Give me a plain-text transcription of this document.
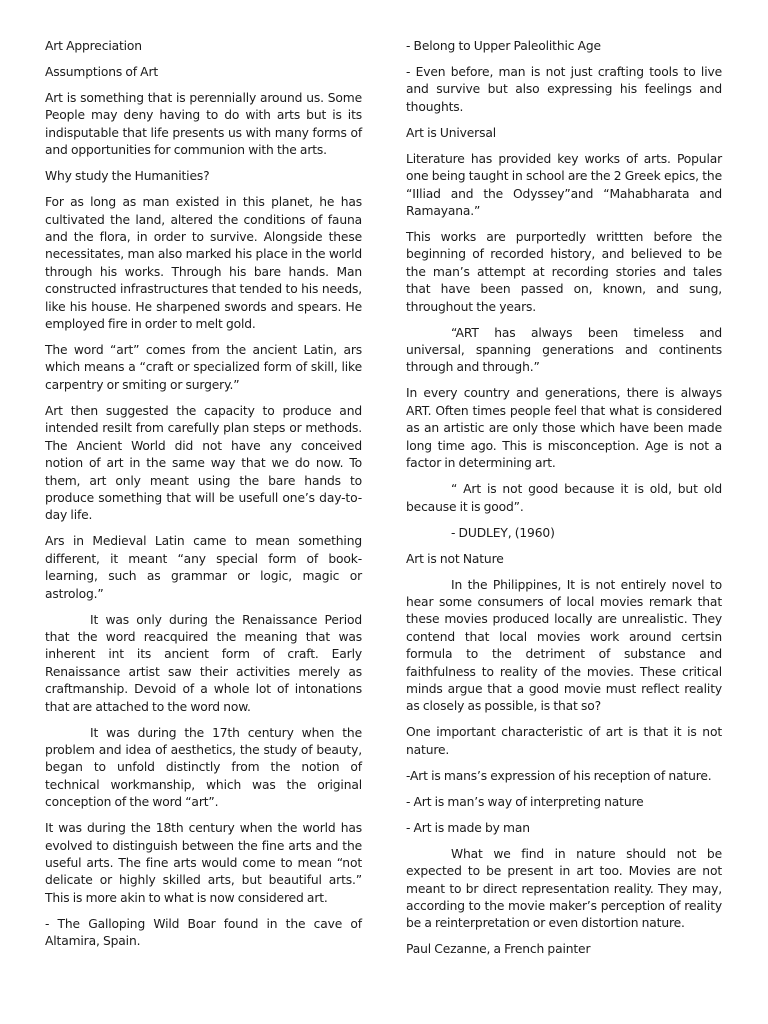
Art Appreciation

Assumptions of Art

Art is something that is perennially around us. Some People may deny having to do with arts but is its indisputable that life presents us with many forms of and opportunities for communion with the arts.

Why study the Humanities?

For as long as man existed in this planet, he has cultivated the land, altered the conditions of fauna and the flora, in order to survive. Alongside these necessitates, man also marked his place in the world through his works. Through his bare hands. Man constructed infrastructures that tended to his needs, like his house. He sharpened swords and spears. He employed fire in order to melt gold.

The word “art” comes from the ancient Latin, ars which means a “craft or specialized form of skill, like carpentry or smiting or surgery.”

Art then suggested the capacity to produce and intended resilt from carefully plan steps or methods. The Ancient World did not have any conceived notion of art in the same way that we do now. To them, art only meant using the bare hands to produce something that will be usefull one’s day-to-day life.

Ars in Medieval Latin came to mean something different, it meant “any special form of book-learning, such as grammar or logic, magic or astrolog.”

It was only during the Renaissance Period that the word reacquired the meaning that was inherent int its ancient form of craft. Early Renaissance artist saw their activities merely as craftmanship. Devoid of a whole lot of intonations that are attached to the word now.

It was during the 17th century when the problem and idea of aesthetics, the study of beauty, began to unfold distinctly from the notion of technical workmanship, which was the original conception of the word “art”.

It was during the 18th century when the world has evolved to distinguish between the fine arts and the useful arts. The fine arts would come to mean “not delicate or highly skilled arts, but beautiful arts.” This is more akin to what is now considered art.

- The Galloping Wild Boar found in the cave of Altamira, Spain.

- Belong to Upper Paleolithic Age

- Even before, man is not just crafting tools to live and survive but also expressing his feelings and thoughts.

Art is Universal

Literature has provided key works of arts. Popular one being taught in school are the 2 Greek epics, the “IIliad and the Odyssey”and “Mahabharata and Ramayana.”

This works are purportedly writtten before the beginning of recorded history, and believed to be the man’s attempt at recording stories and tales that have been passed on, known, and sung, throughout the years.

“ART has always been timeless and universal, spanning generations and continents through and through.”

In every country and generations, there is always ART. Often times people feel that what is considered as an artistic are only those which have been made long time ago. This is misconception. Age is not a factor in determining art.

“ Art is not good because it is old, but old because it is good”.

- DUDLEY, (1960)

Art is not Nature

In the Philippines, It is not entirely novel to hear some consumers of local movies remark that these movies produced locally are unrealistic. They contend that local movies work around certsin formula to the detriment of substance and faithfulness to reality of the movies. These critical minds argue that a good movie must reflect reality as closely as possible, is that so?

One important characteristic of art is that it is not nature.

-Art is mans’s expression of his reception of nature.

- Art is man’s way of interpreting nature

- Art is made by man

What we find in nature should not be expected to be present in art too. Movies are not meant to br direct representation reality. They may, according to the movie maker’s perception of reality be a reinterpretation or even distortion nature.

Paul Cezanne, a French painter
